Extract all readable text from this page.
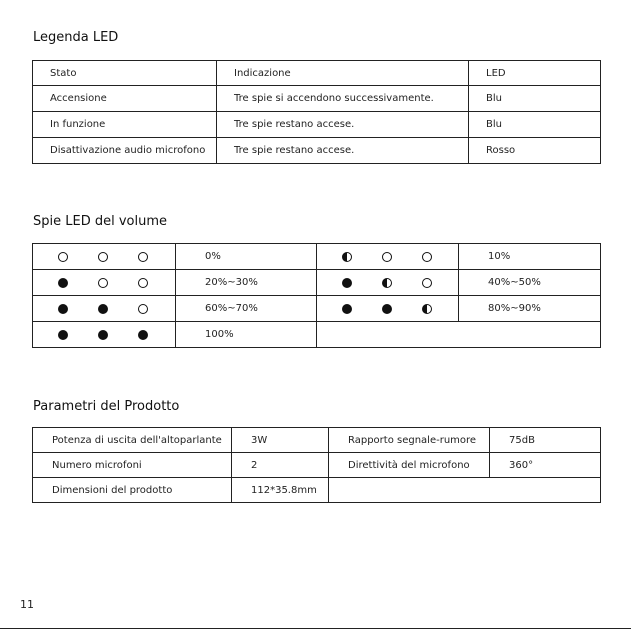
Legenda LED
Stato	Indicazione	LED
Accensione	Tre spie si accendono successivamente.	Blu
In funzione	Tre spie restano accese.	Blu
Disattivazione audio microfono	Tre spie restano accese.	Rosso
Spie LED del volume
	0%		10%

	20%~30%		40%~50%

	60%~70%		80%~90%

	100%		
Parametri del Prodotto
Potenza di uscita dell'altoparlante	3W	Rapporto segnale-rumore	75dB
Numero microfoni	2	Direttività del microfono	360°
Dimensioni del prodotto	112*35.8mm		
11
